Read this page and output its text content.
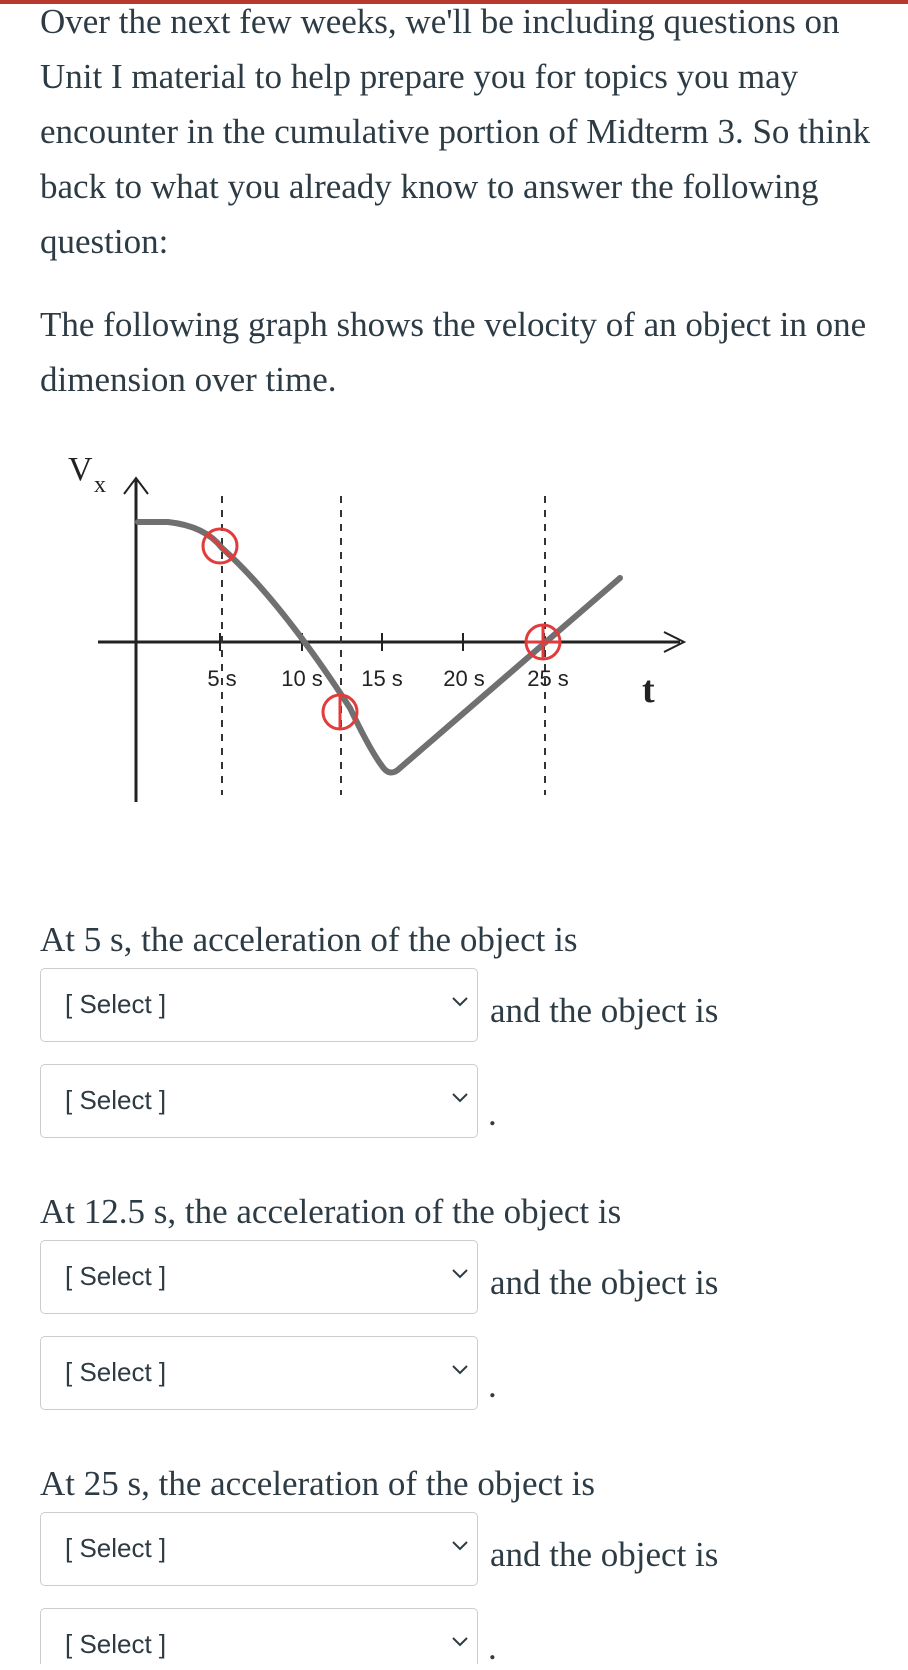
Over the next few weeks, we'll be including questions on Unit I material to help prepare you for topics you may encounter in the cumulative portion of Midterm 3. So think back to what you already know to answer the following question:

The following graph shows the velocity of an object in one dimension over time.

V x
t
5 s 10 s 15 s 20 s 25 s

At 5 s, the acceleration of the object is

[ Select ]	and the object is
[ Select ]	.

At 12.5 s, the acceleration of the object is

[ Select ]	and the object is
[ Select ]	.

At 25 s, the acceleration of the object is

[ Select ]	and the object is
[ Select ]	.
